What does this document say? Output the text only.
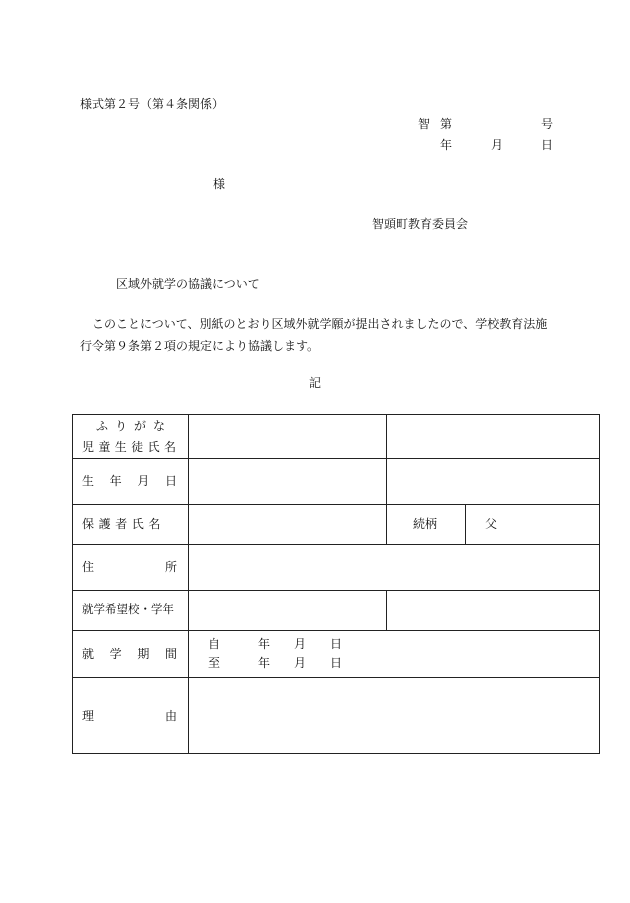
様式第２号（第４条関係）
智 第	号
年	月	日
様
智頭町教育委員会
区域外就学の協議について
このことについて、別紙のとおり区域外就学願が提出されましたので、学校教育法施
行令第９条第２項の規定により協議します。
記
ふりがな
児童生徒氏名
生 年 月 日
保護者氏名	続柄	父
住	所
就学希望校・学年
就 学 期 間
自	年 月 日
至	年 月 日
理	由
